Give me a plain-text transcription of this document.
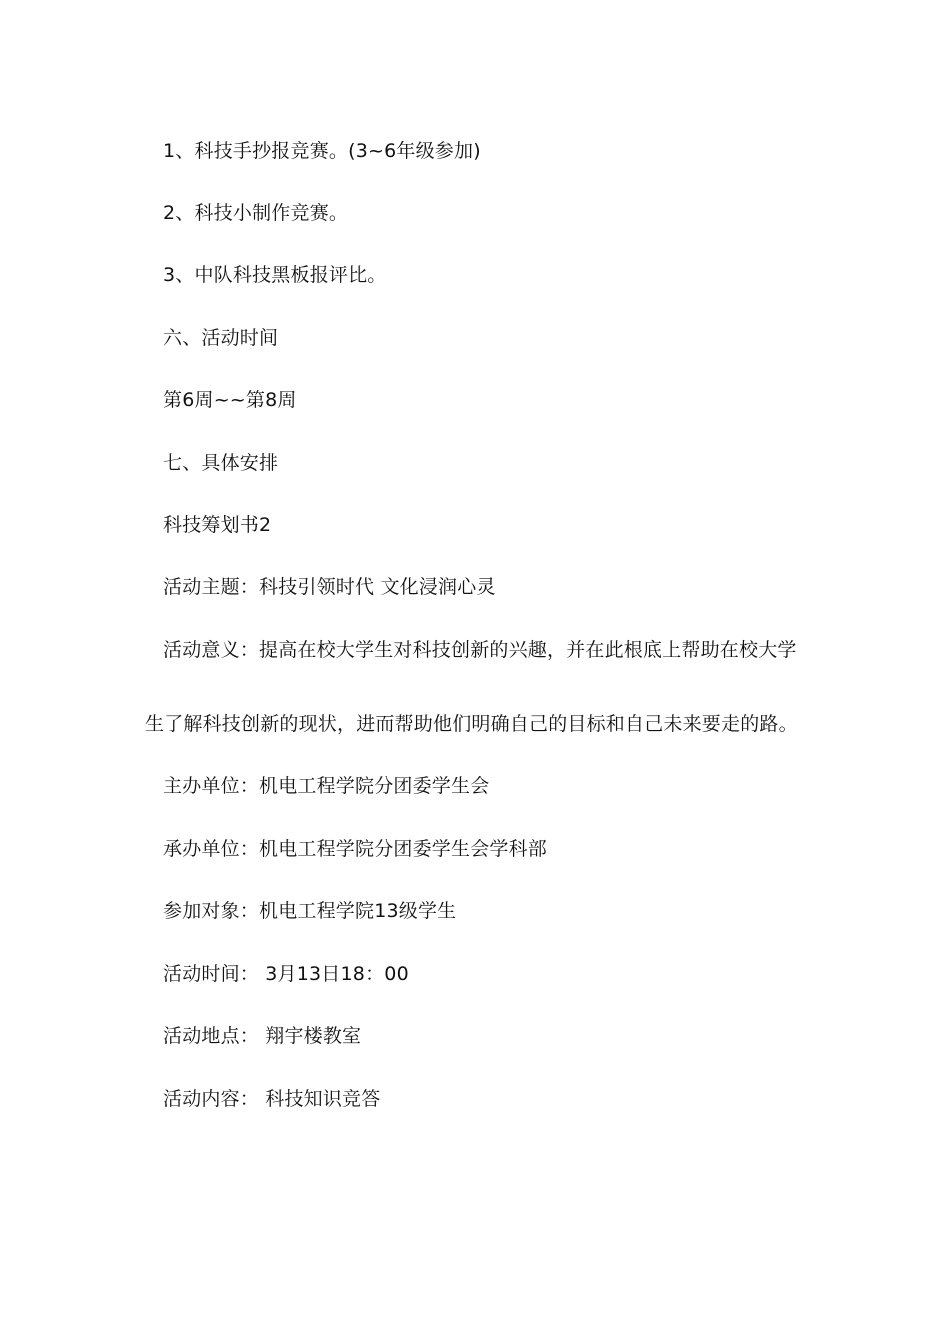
1、科技手抄报竞赛。(3~6年级参加)
2、科技小制作竞赛。
3、中队科技黑板报评比。
六、活动时间
第6周~~第8周
七、具体安排
科技筹划书2
活动主题：科技引领时代 文化浸润心灵
活动意义：提高在校大学生对科技创新的兴趣，并在此根底上帮助在校大学
生了解科技创新的现状，进而帮助他们明确自己的目标和自己未来要走的路。
主办单位：机电工程学院分团委学生会
承办单位：机电工程学院分团委学生会学科部
参加对象：机电工程学院13级学生
活动时间： 3月13日18：00
活动地点： 翔宇楼教室
活动内容： 科技知识竞答
